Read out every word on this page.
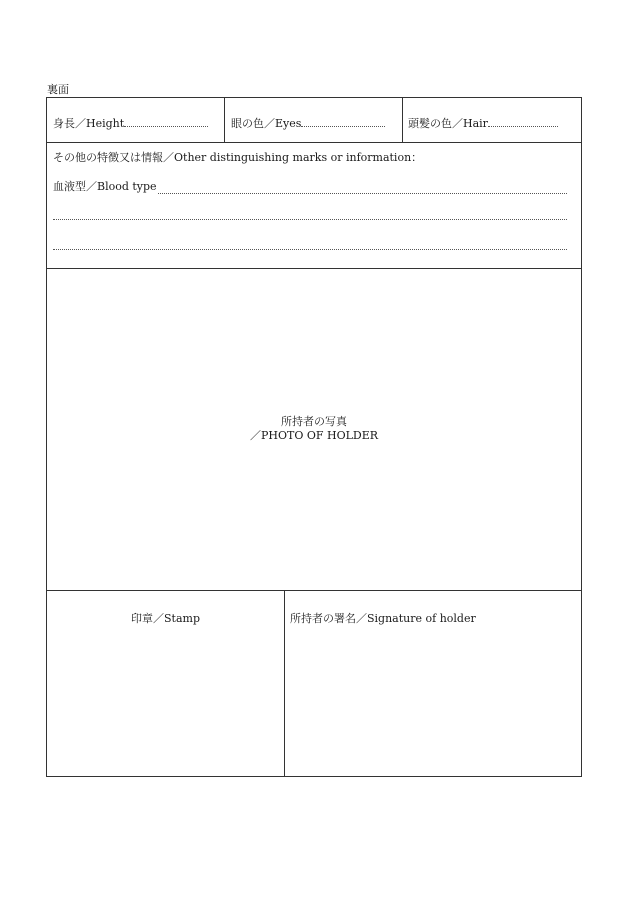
裏面
身長／Height	眼の色／Eyes	頭髪の色／Hair
その他の特徴又は情報／Other distinguishing marks or information：
血液型／Blood type
所持者の写真
／PHOTO OF HOLDER
印章／Stamp	所持者の署名／Signature of holder
